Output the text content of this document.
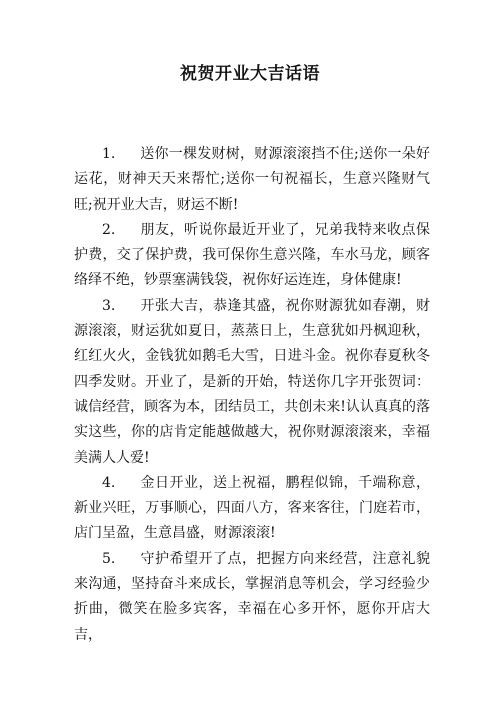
祝贺开业大吉话语

1. 送你一棵发财树，财源滚滚挡不住;送你一朵好运花，财神天天来帮忙;送你一句祝福长，生意兴隆财气旺;祝开业大吉，财运不断!

2. 朋友，听说你最近开业了，兄弟我特来收点保护费，交了保护费，我可保你生意兴隆，车水马龙，顾客络绎不绝，钞票塞满钱袋，祝你好运连连，身体健康!

3. 开张大吉，恭逢其盛，祝你财源犹如春潮，财源滚滚，财运犹如夏日，蒸蒸日上，生意犹如丹枫迎秋，红红火火，金钱犹如鹅毛大雪，日进斗金。祝你春夏秋冬四季发财。开业了，是新的开始，特送你几字开张贺词：诚信经营，顾客为本，团结员工，共创未来!认认真真的落实这些，你的店肯定能越做越大，祝你财源滚滚来，幸福美满人人爱!

4. 金日开业，送上祝福，鹏程似锦，千端称意，新业兴旺，万事顺心，四面八方，客来客往，门庭若市，店门呈盈，生意昌盛，财源滚滚!

5. 守护希望开了点，把握方向来经营，注意礼貌来沟通，坚持奋斗来成长，掌握消息等机会，学习经验少折曲，微笑在脸多宾客，幸福在心多开怀，愿你开店大吉，
